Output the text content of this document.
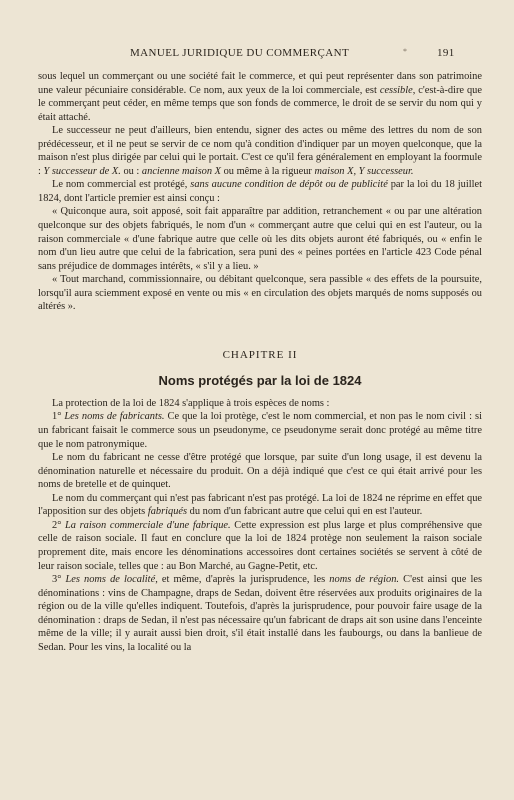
MANUEL JURIDIQUE DU COMMERÇANT	*	191

sous lequel un commerçant ou une société fait le commerce, et qui peut représenter dans son patrimoine une valeur pécuniaire considérable. Ce nom, aux yeux de la loi commerciale, est cessible, c'est-à-dire que le commerçant peut céder, en même temps que son fonds de commerce, le droit de se servir du nom qui y était attaché.

Le successeur ne peut d'ailleurs, bien entendu, signer des actes ou même des lettres du nom de son prédécesseur, et il ne peut se servir de ce nom qu'à condition d'indiquer par un moyen quelconque, que la maison n'est plus dirigée par celui qui le portait. C'est ce qu'il fera généralement en employant la foormule : Y successeur de X. ou : ancienne maison X ou même à la rigueur maison X, Y successeur.

Le nom commercial est protégé, sans aucune condition de dépôt ou de publicité par la loi du 18 juillet 1824, dont l'article premier est ainsi conçu :

« Quiconque aura, soit apposé, soit fait apparaître par addition, retranchement « ou par une altération quelconque sur des objets fabriqués, le nom d'un « commerçant autre que celui qui en est l'auteur, ou la raison commerciale « d'une fabrique autre que celle où les dits objets auront été fabriqués, ou « enfin le nom d'un lieu autre que celui de la fabrication, sera puni des « peines portées en l'article 423 Code pénal sans préjudice de dommages intérêts, « s'il y a lieu. »

« Tout marchand, commissionnaire, ou débitant quelconque, sera passible « des effets de la poursuite, lorsqu'il aura sciemment exposé en vente ou mis « en circulation des objets marqués de noms supposés ou altérés ».

CHAPITRE II
Noms protégés par la loi de 1824

La protection de la loi de 1824 s'applique à trois espèces de noms :

1° Les noms de fabricants. Ce que la loi protège, c'est le nom commercial, et non pas le nom civil : si un fabricant faisait le commerce sous un pseudonyme, ce pseudonyme serait donc protégé au même titre que le nom patronymique.

Le nom du fabricant ne cesse d'être protégé que lorsque, par suite d'un long usage, il est devenu la dénomination naturelle et nécessaire du produit. On a déjà indiqué que c'est ce qui était arrivé pour les noms de bretelle et de quinquet.

Le nom du commerçant qui n'est pas fabricant n'est pas protégé. La loi de 1824 ne réprime en effet que l'apposition sur des objets fabriqués du nom d'un fabricant autre que celui qui en est l'auteur.

2° La raison commerciale d'une fabrique. Cette expression est plus large et plus compréhensive que celle de raison sociale. Il faut en conclure que la loi de 1824 protège non seulement la raison sociale proprement dite, mais encore les dénominations accessoires dont certaines sociétés se servent à côté de leur raison sociale, telles que : au Bon Marché, au Gagne-Petit, etc.

3° Les noms de localité, et même, d'après la jurisprudence, les noms de région. C'est ainsi que les dénominations : vins de Champagne, draps de Sedan, doivent être réservées aux produits originaires de la région ou de la ville qu'elles indiquent. Toutefois, d'après la jurisprudence, pour pouvoir faire usage de la dénomination : draps de Sedan, il n'est pas nécessaire qu'un fabricant de draps ait son usine dans l'enceinte même de la ville; il y aurait aussi bien droit, s'il était installé dans les faubourgs, ou dans la banlieue de Sedan. Pour les vins, la localité ou la
